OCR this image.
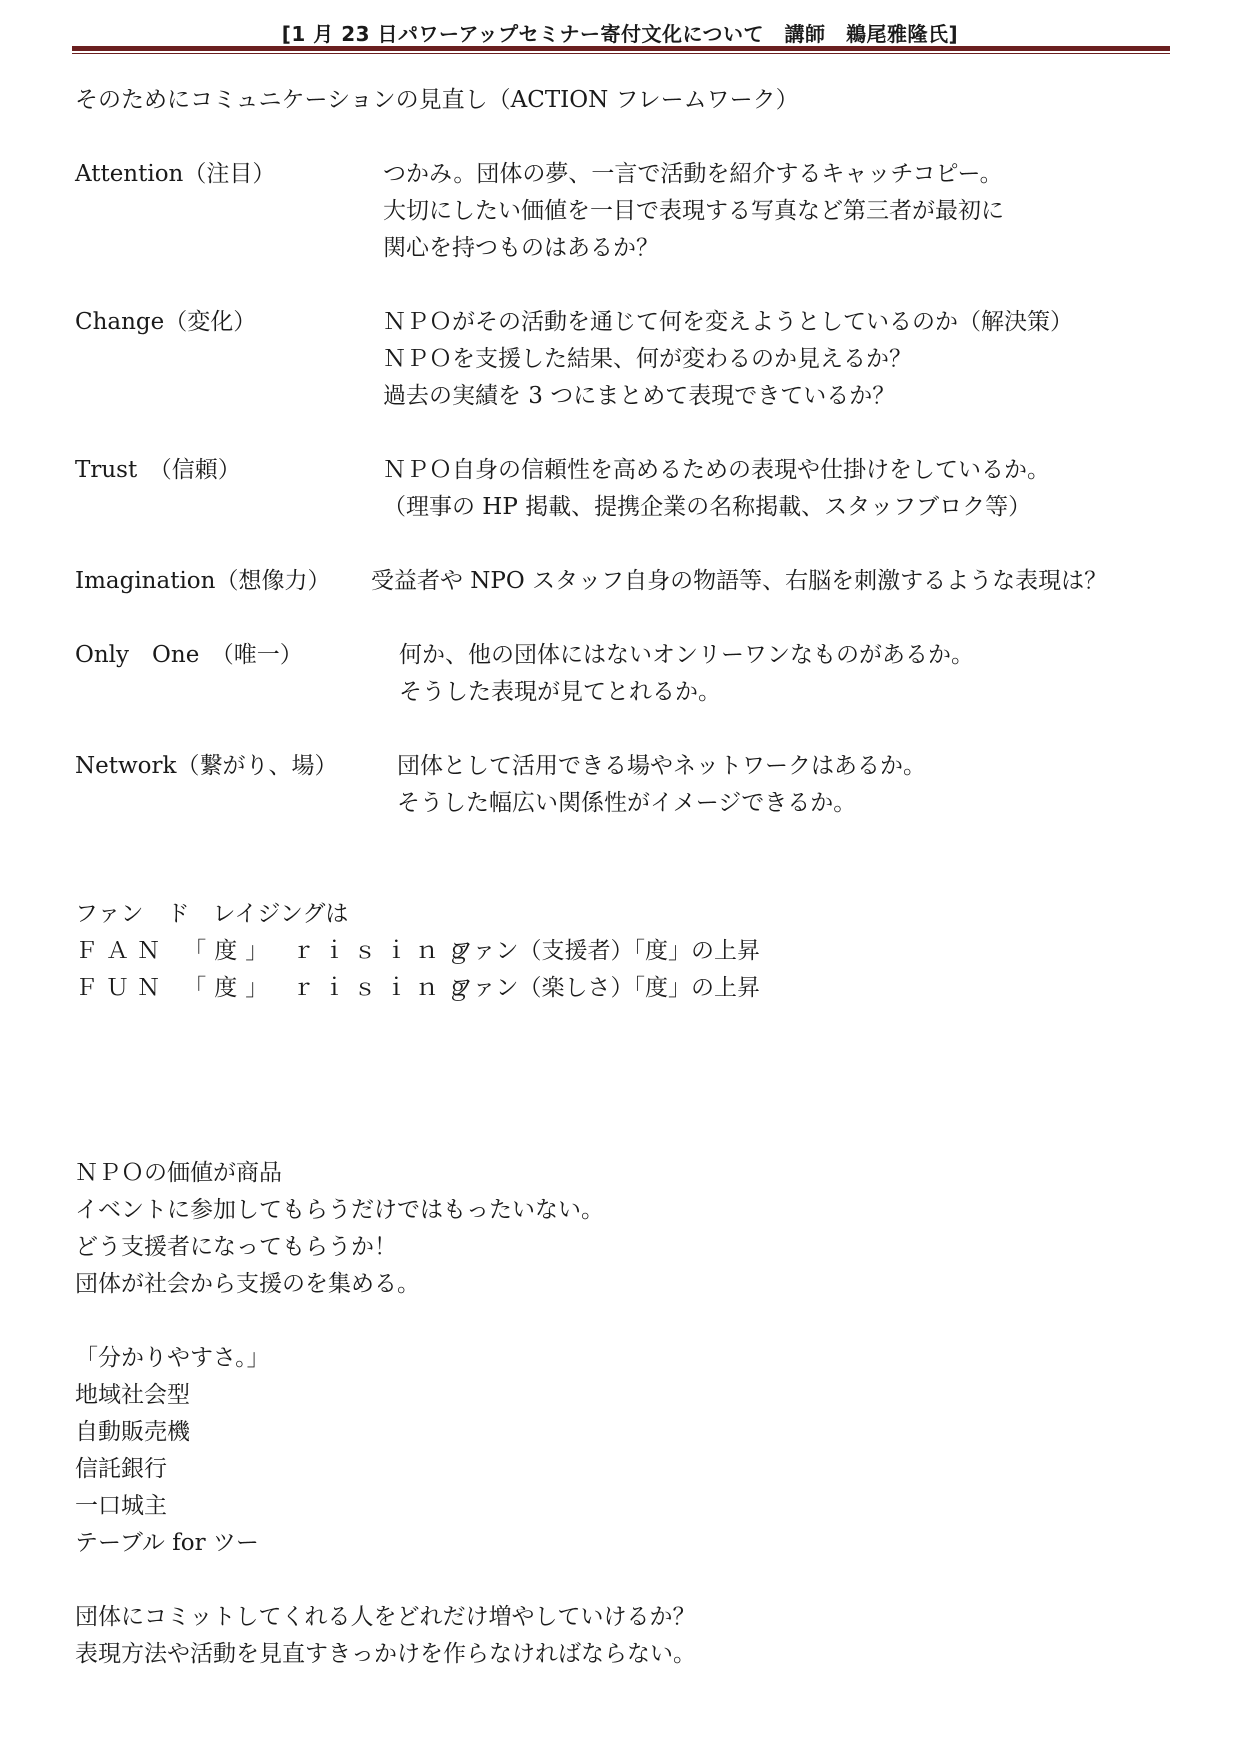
[1 月 23 日パワーアップセミナー寄付文化について　講師　鵜尾雅隆氏]
そのためにコミュニケーションの見直し（ACTION フレームワーク）
Attention（注目）	つかみ。団体の夢、一言で活動を紹介するキャッチコピー。
大切にしたい価値を一目で表現する写真など第三者が最初に
関心を持つものはあるか？
Change（変化）	ＮＰＯがその活動を通じて何を変えようとしているのか（解決策）
ＮＰＯを支援した結果、何が変わるのか見えるか？
過去の実績を 3 つにまとめて表現できているか？
Trust　（信頼）	ＮＰＯ自身の信頼性を高めるための表現や仕掛けをしているか。
（理事の HP 掲載、提携企業の名称掲載、スタッフブロク等）
Imagination（想像力）	受益者や NPO スタッフ自身の物語等、右脳を刺激するような表現は？
Only　One　（唯一）	何か、他の団体にはないオンリーワンなものがあるか。
そうした表現が見てとれるか。
Network（繋がり、場）	団体として活用できる場やネットワークはあるか。
そうした幅広い関係性がイメージできるか。
ファン　ド　レイジングは
ＦＡＮ 「度」 ｒｉｓｉｎｇ
ファン（支援者）「度」の上昇
ＦＵＮ 「度」 ｒｉｓｉｎｇ
ファン（楽しさ）「度」の上昇
ＮＰＯの価値が商品
イベントに参加してもらうだけではもったいない。
どう支援者になってもらうか！
団体が社会から支援のを集める。
「分かりやすさ。」
地域社会型
自動販売機
信託銀行
一口城主
テーブル for ツー
団体にコミットしてくれる人をどれだけ増やしていけるか？
表現方法や活動を見直すきっかけを作らなければならない。
